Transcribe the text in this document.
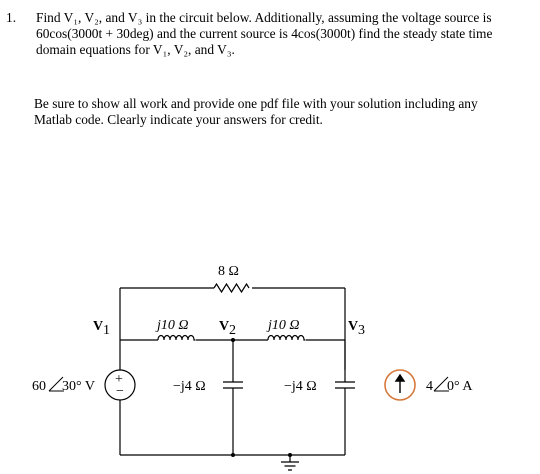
1. Find V₁, V₂, and V₃ in the circuit below. Additionally, assuming the voltage source is
60cos(3000t + 30deg) and the current source is 4cos(3000t) find the steady state time
domain equations for V₁, V₂, and V₃.
Be sure to show all work and provide one pdf file with your solution including any
Matlab code. Clearly indicate your answers for credit.
+
−
8 Ω
j10 Ω	j10 Ω
−j4 Ω	−j4 Ω
V 1	V 2	V 3
60 30° V	4 0° A
